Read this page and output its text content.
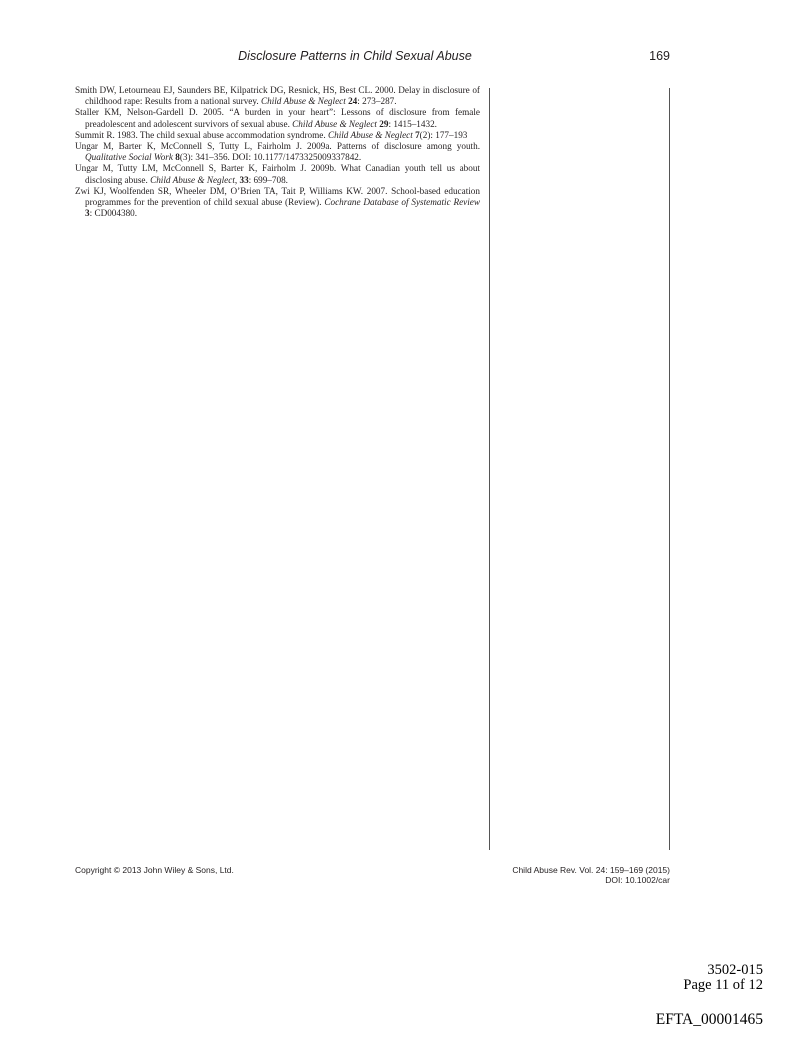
Disclosure Patterns in Child Sexual Abuse	169

Smith DW, Letourneau EJ, Saunders BE, Kilpatrick DG, Resnick, HS, Best CL. 2000. Delay in disclosure of childhood rape: Results from a national survey. Child Abuse & Neglect 24: 273–287.

Staller KM, Nelson-Gardell D. 2005. “A burden in your heart”: Lessons of disclosure from female preadolescent and adolescent survivors of sexual abuse. Child Abuse & Neglect 29: 1415–1432.

Summit R. 1983. The child sexual abuse accommodation syndrome. Child Abuse & Neglect 7(2): 177–193

Ungar M, Barter K, McConnell S, Tutty L, Fairholm J. 2009a. Patterns of disclosure among youth. Qualitative Social Work 8(3): 341–356. DOI: 10.1177/1473325009337842.

Ungar M, Tutty LM, McConnell S, Barter K, Fairholm J. 2009b. What Canadian youth tell us about disclosing abuse. Child Abuse & Neglect, 33: 699–708.

Zwi KJ, Woolfenden SR, Wheeler DM, O’Brien TA, Tait P, Williams KW. 2007. School-based education programmes for the prevention of child sexual abuse (Review). Cochrane Database of Systematic Review 3: CD004380.

Copyright © 2013 John Wiley & Sons, Ltd.	Child Abuse Rev. Vol. 24: 159–169 (2015)
DOI: 10.1002/car
3502-015
Page 11 of 12
EFTA_00001465
